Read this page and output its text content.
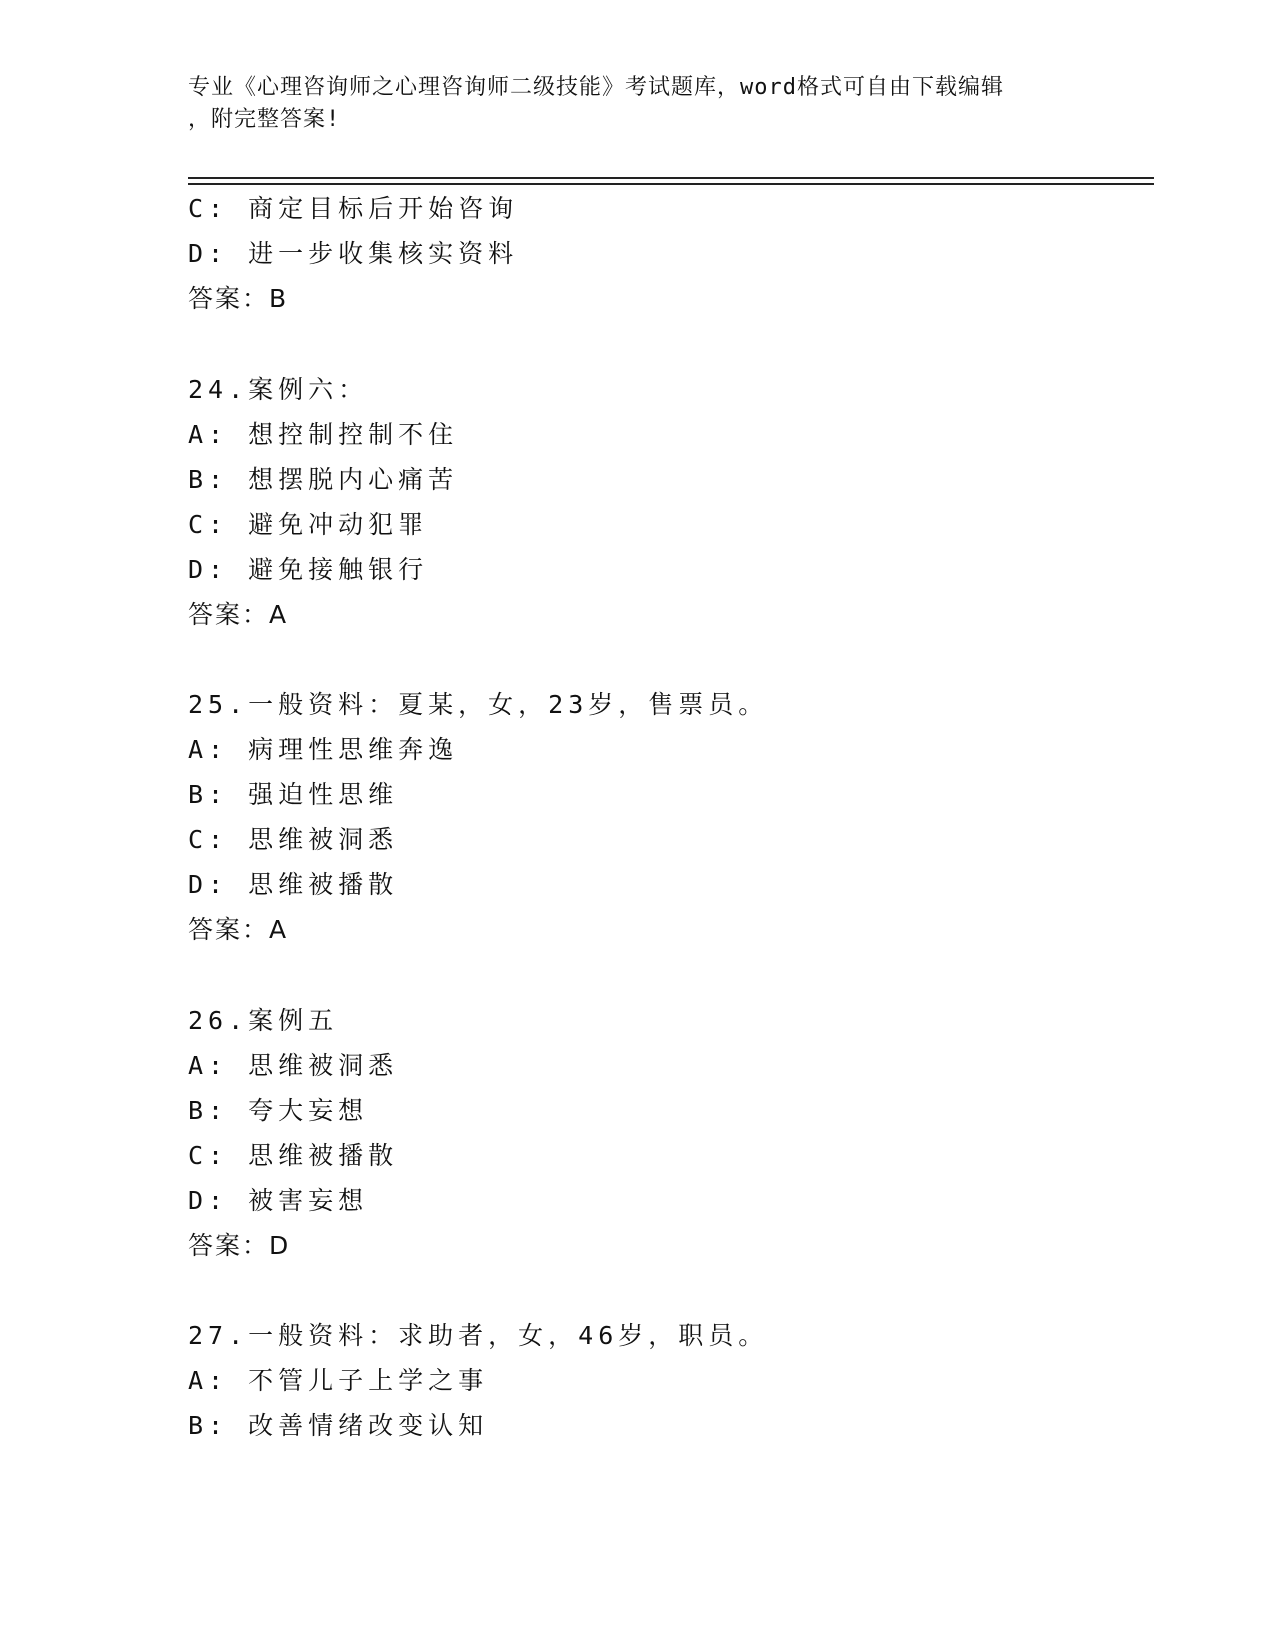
专业《心理咨询师之心理咨询师二级技能》考试题库，word格式可自由下载编辑
，附完整答案!
C: 商定目标后开始咨询
D: 进一步收集核实资料
答案：B
24.案例六：
A: 想控制控制不住
B: 想摆脱内心痛苦
C: 避免冲动犯罪
D: 避免接触银行
答案：A
25.一般资料：夏某，女，23岁，售票员。
A: 病理性思维奔逸
B: 强迫性思维
C: 思维被洞悉
D: 思维被播散
答案：A
26.案例五
A: 思维被洞悉
B: 夸大妄想
C: 思维被播散
D: 被害妄想
答案：D
27.一般资料：求助者，女，46岁，职员。
A: 不管儿子上学之事
B: 改善情绪改变认知
